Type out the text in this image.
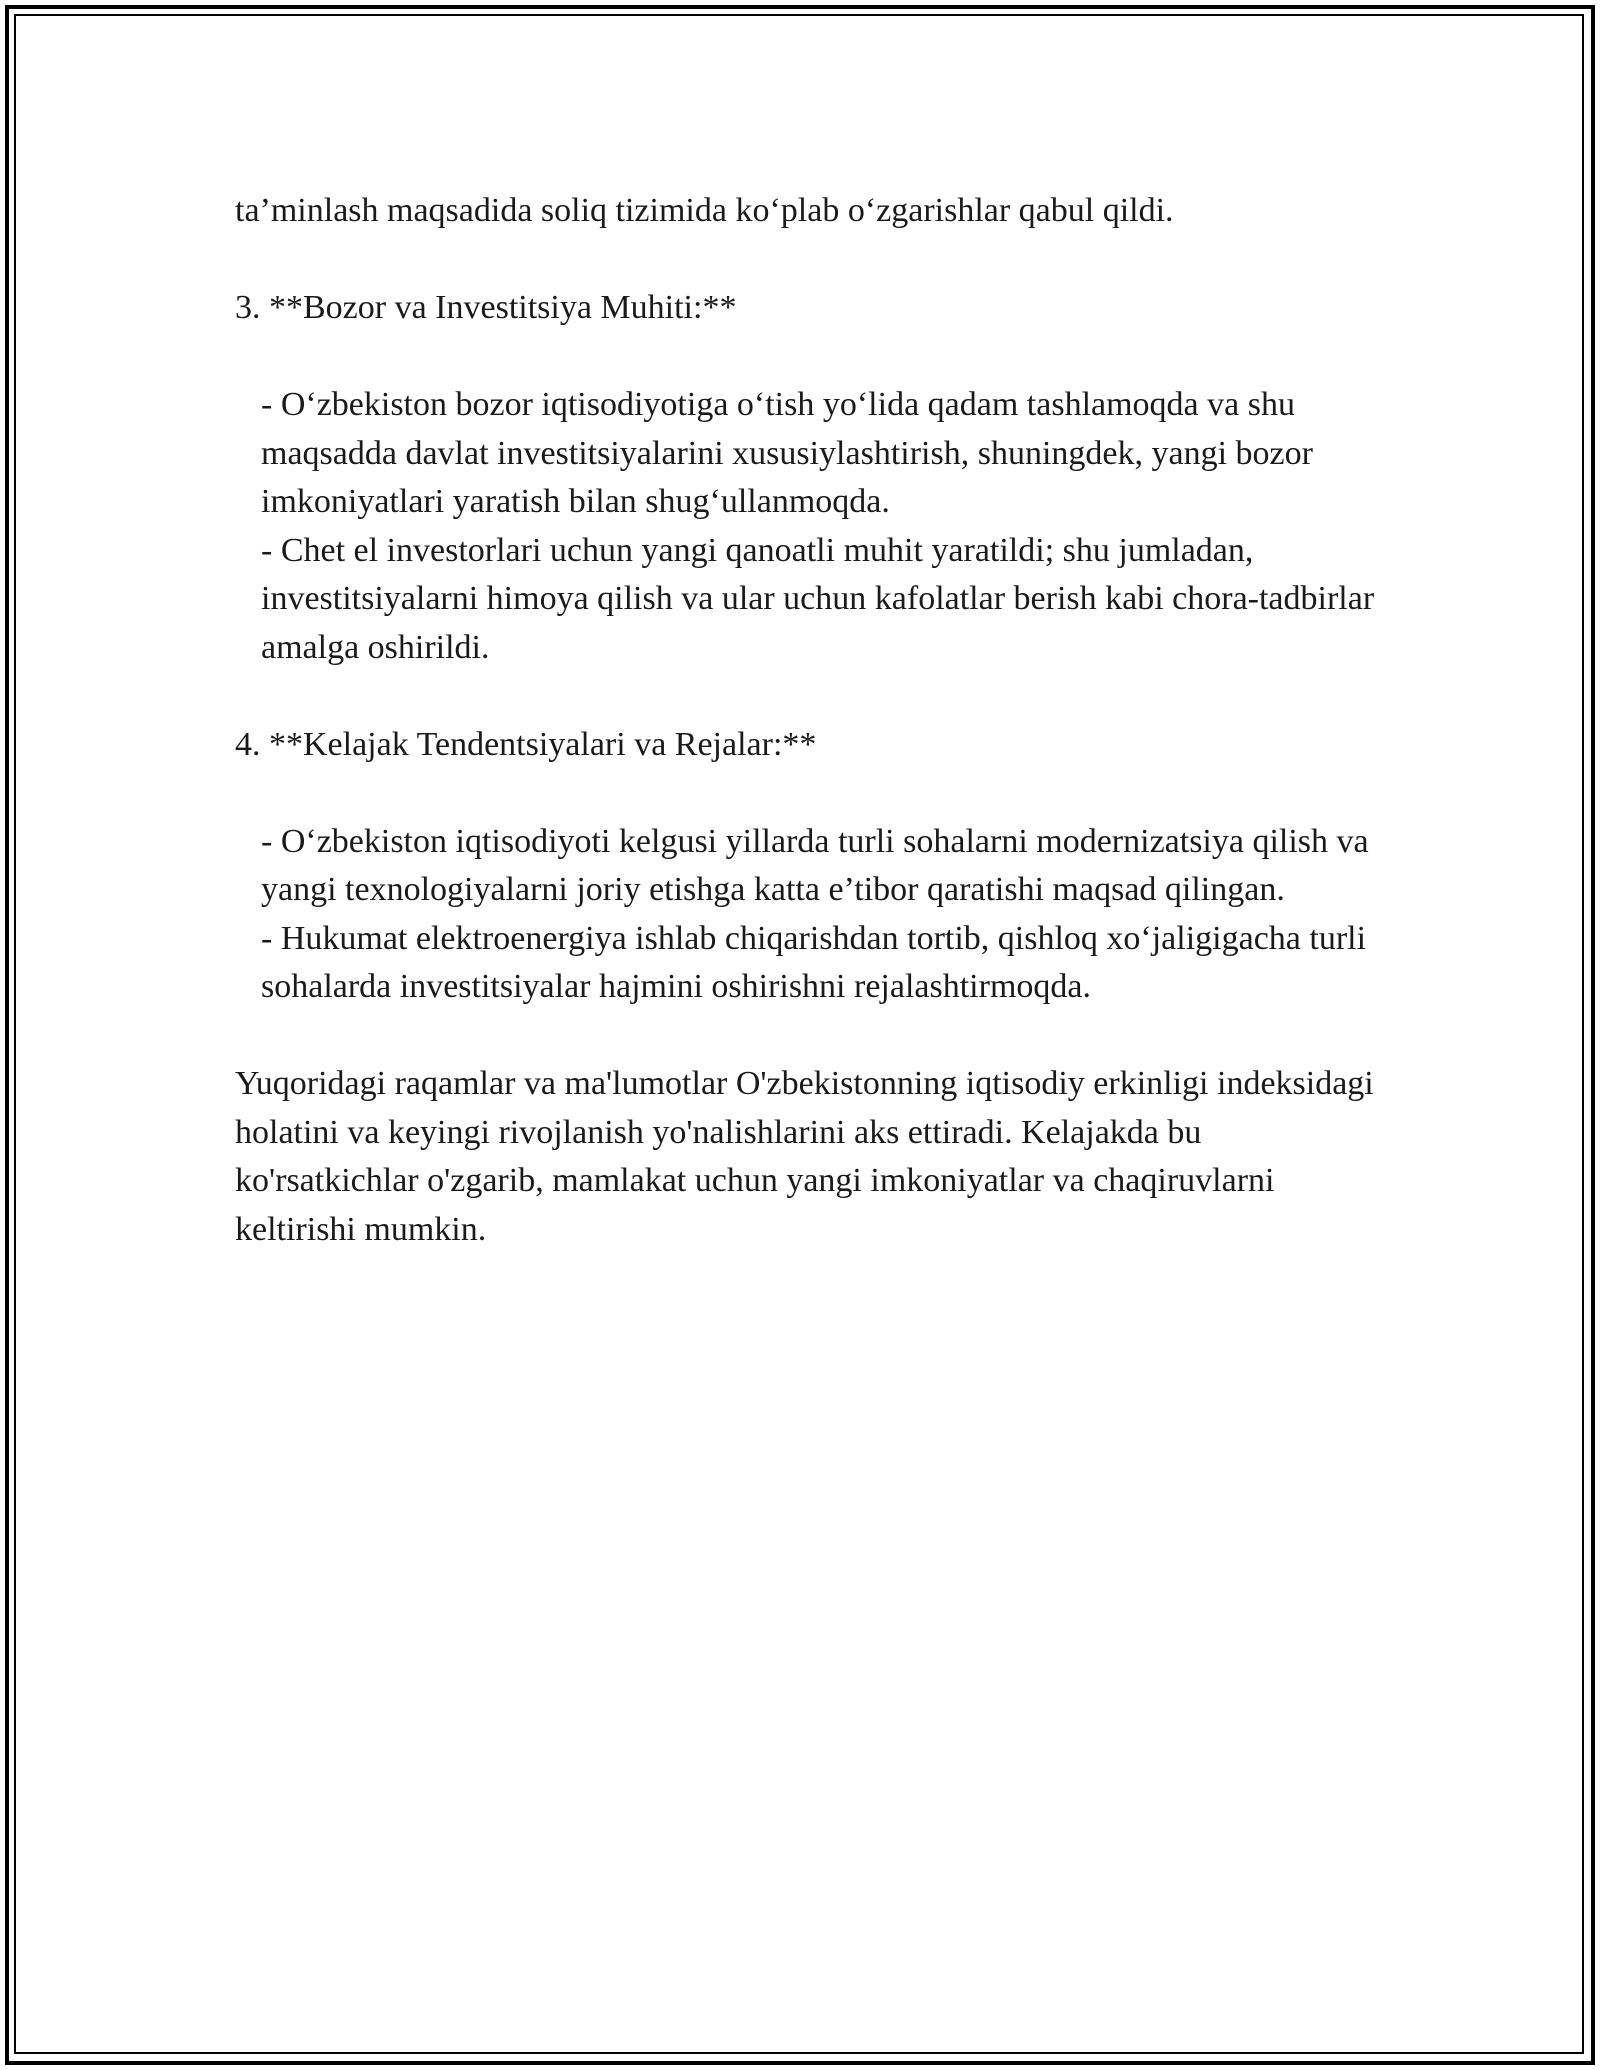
ta’minlash maqsadida soliq tizimida ko‘plab o‘zgarishlar qabul qildi.

3. **Bozor va Investitsiya Muhiti:**

- O‘zbekiston bozor iqtisodiyotiga o‘tish yo‘lida qadam tashlamoqda va shu maqsadda davlat investitsiyalarini xususiylashtirish, shuningdek, yangi bozor imkoniyatlari yaratish bilan shug‘ullanmoqda.

- Chet el investorlari uchun yangi qanoatli muhit yaratildi; shu jumladan, investitsiyalarni himoya qilish va ular uchun kafolatlar berish kabi chora-tadbirlar amalga oshirildi.

4. **Kelajak Tendentsiyalari va Rejalar:**

- O‘zbekiston iqtisodiyoti kelgusi yillarda turli sohalarni modernizatsiya qilish va yangi texnologiyalarni joriy etishga katta e’tibor qaratishi maqsad qilingan.

- Hukumat elektroenergiya ishlab chiqarishdan tortib, qishloq xo‘jaligigacha turli sohalarda investitsiyalar hajmini oshirishni rejalashtirmoqda.

Yuqoridagi raqamlar va ma'lumotlar O'zbekistonning iqtisodiy erkinligi indeksidagi holatini va keyingi rivojlanish yo'nalishlarini aks ettiradi. Kelajakda bu ko'rsatkichlar o'zgarib, mamlakat uchun yangi imkoniyatlar va chaqiruvlarni keltirishi mumkin.
